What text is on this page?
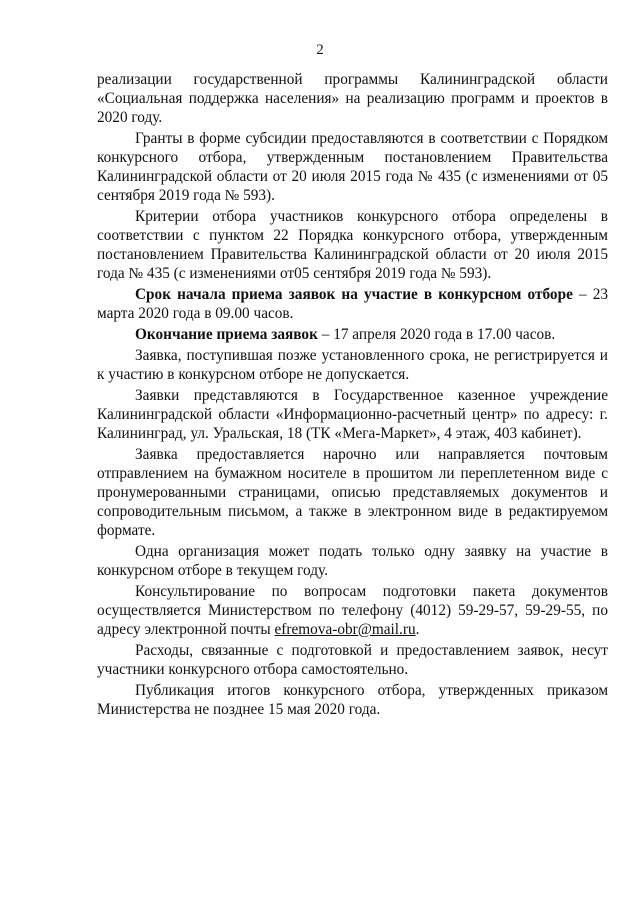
2

реализации государственной программы Калининградской области «Социальная поддержка населения» на реализацию программ и проектов в 2020 году.

Гранты в форме субсидии предоставляются в соответствии с Порядком конкурсного отбора, утвержденным постановлением Правительства Калининградской области от 20 июля 2015 года № 435 (с изменениями от 05 сентября 2019 года № 593).

Критерии отбора участников конкурсного отбора определены в соответствии с пунктом 22 Порядка конкурсного отбора, утвержденным постановлением Правительства Калининградской области от 20 июля 2015 года № 435 (с изменениями от05 сентября 2019 года № 593).

Срок начала приема заявок на участие в конкурсном отборе – 23 марта 2020 года в 09.00 часов.

Окончание приема заявок – 17 апреля 2020 года в 17.00 часов.

Заявка, поступившая позже установленного срока, не регистрируется и к участию в конкурсном отборе не допускается.

Заявки представляются в Государственное казенное учреждение Калининградской области «Информационно-расчетный центр» по адресу: г. Калининград, ул. Уральская, 18 (ТК «Мега-Маркет», 4 этаж, 403 кабинет).

Заявка предоставляется нарочно или направляется почтовым отправлением на бумажном носителе в прошитом ли переплетенном виде с пронумерованными страницами, описью представляемых документов и сопроводительным письмом, а также в электронном виде в редактируемом формате.

Одна организация может подать только одну заявку на участие в конкурсном отборе в текущем году.

Консультирование по вопросам подготовки пакета документов осуществляется Министерством по телефону (4012) 59-29-57, 59-29-55, по адресу электронной почты efremova-obr@mail.ru.

Расходы, связанные с подготовкой и предоставлением заявок, несут участники конкурсного отбора самостоятельно.

Публикация итогов конкурсного отбора, утвержденных приказом Министерства не позднее 15 мая 2020 года.
